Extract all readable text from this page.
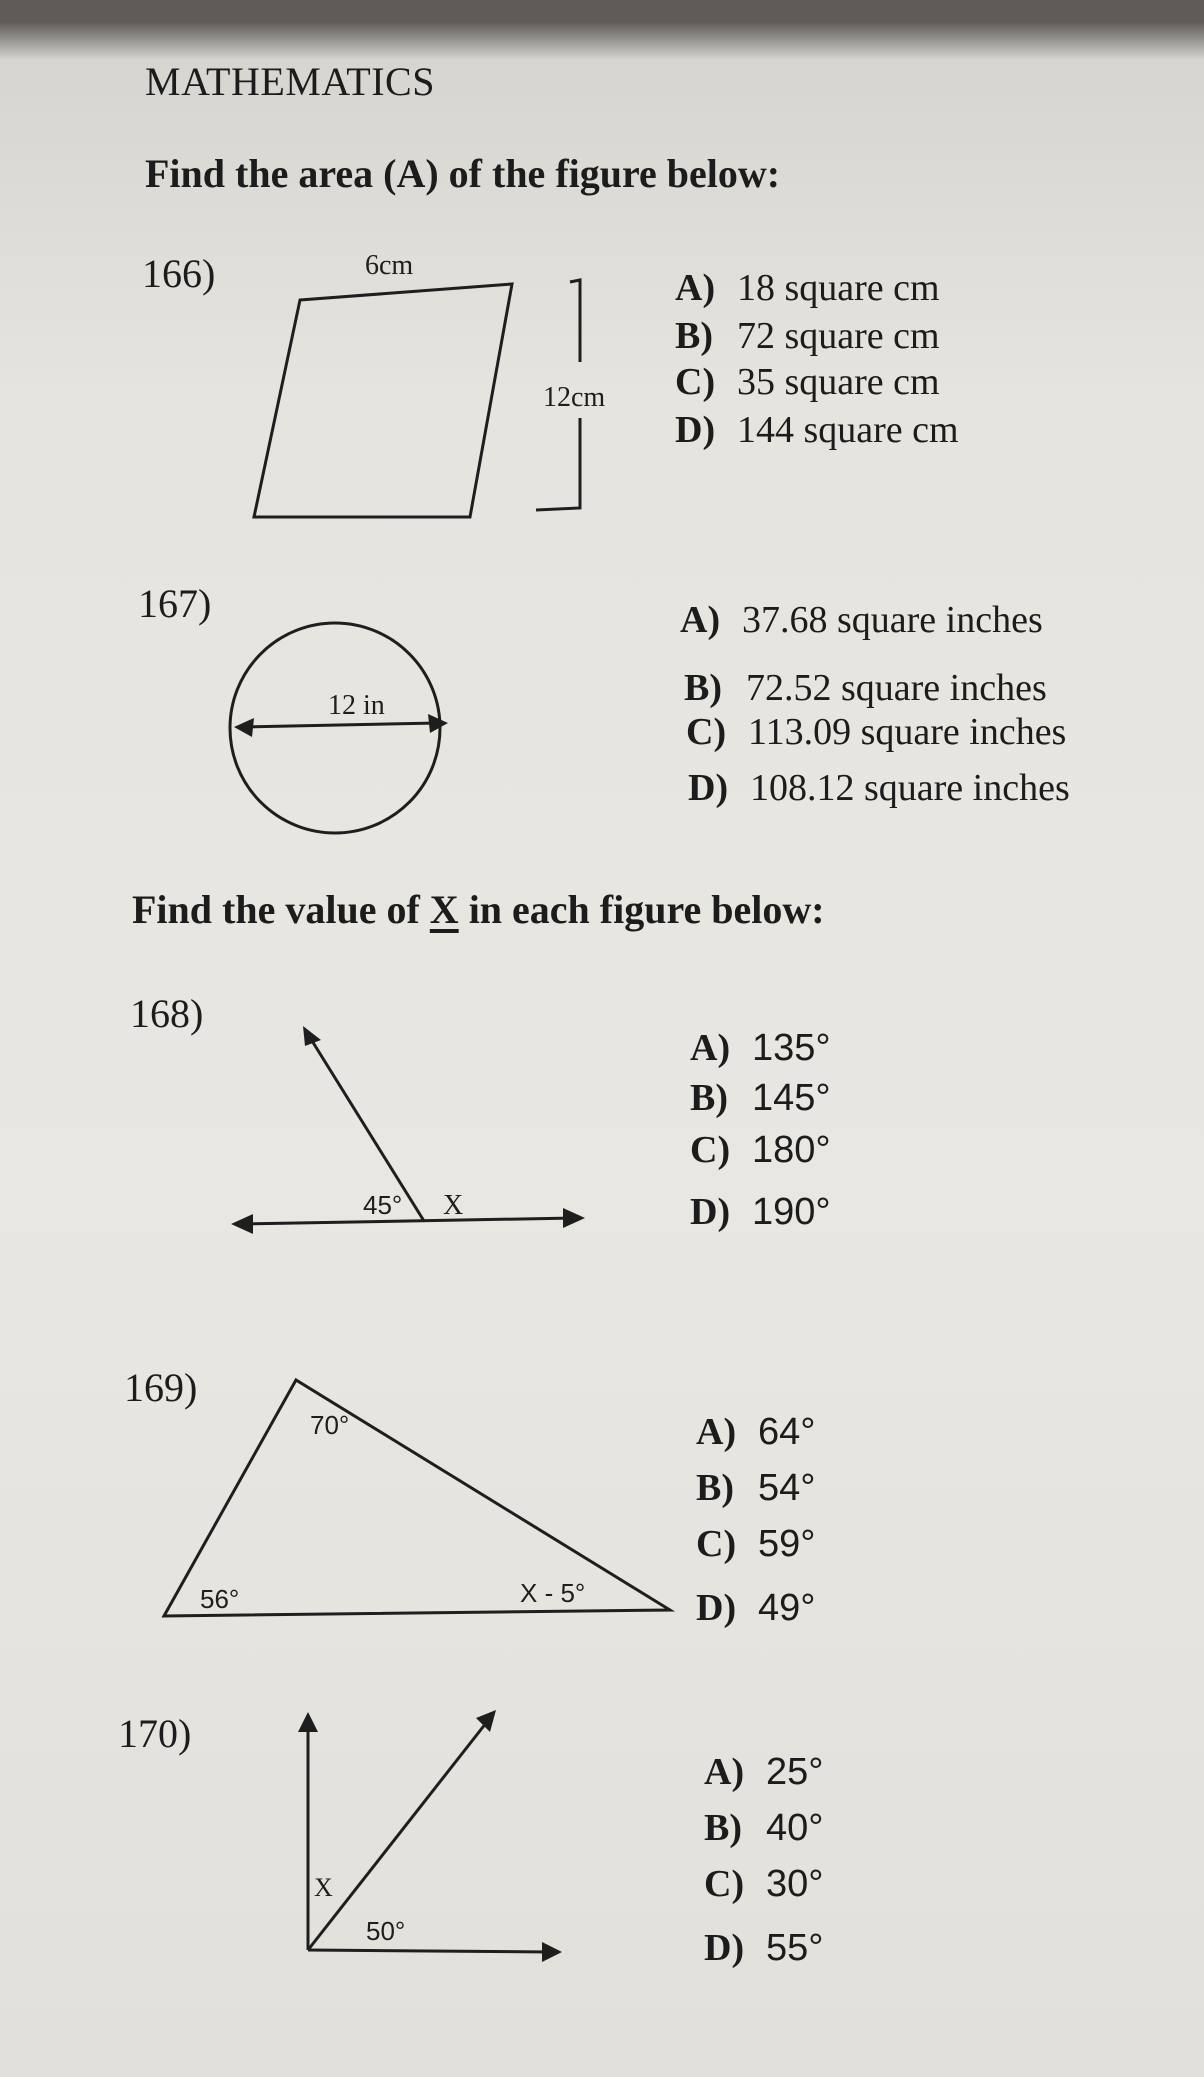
MATHEMATICS
Find the area (A) of the figure below:
166)	6cm
12cm
A) 18 square cm
B) 72 square cm
C) 35 square cm
D) 144 square cm
167)
12 in
A) 37.68 square inches
B) 72.52 square inches
C) 113.09 square inches
D) 108.12 square inches
Find the value of X in each figure below:
168)
45° X
A) 135°
B) 145°
C) 180°
D) 190°
169)
70°
56°	X - 5°
A) 64°
B) 54°
C) 59°
D) 49°
170)
X
50°
A) 25°
B) 40°
C) 30°
D) 55°
